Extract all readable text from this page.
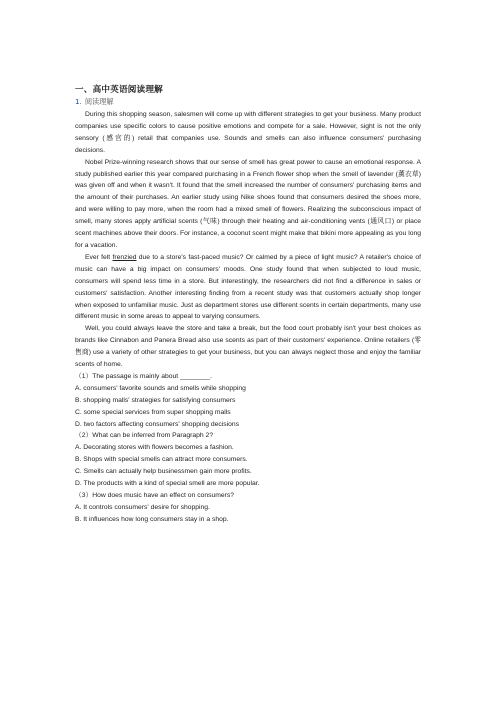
一、高中英语阅读理解
1. 阅读理解

During this shopping season, salesmen will come up with different strategies to get your business. Many product companies use specific colors to cause positive emotions and compete for a sale. However, sight is not the only sensory (感官的) retail that companies use. Sounds and smells can also influence consumers' purchasing decisions.

Nobel Prize-winning research shows that our sense of smell has great power to cause an emotional response. A study published earlier this year compared purchasing in a French flower shop when the smell of lavender (薰衣草) was given off and when it wasn't. It found that the smell increased the number of consumers' purchasing items and the amount of their purchases. An earlier study using Nike shoes found that consumers desired the shoes more, and were willing to pay more, when the room had a mixed smell of flowers. Realizing the subconscious impact of smell, many stores apply artificial scents (气味) through their heating and air-conditioning vents (通风口) or place scent machines above their doors. For instance, a coconut scent might make that bikini more appealing as you long for a vacation.

Ever felt frenzied due to a store's fast-paced music? Or calmed by a piece of light music? A retailer's choice of music can have a big impact on consumers' moods. One study found that when subjected to loud music, consumers will spend less time in a store. But interestingly, the researchers did not find a difference in sales or customers' satisfaction. Another interesting finding from a recent study was that customers actually shop longer when exposed to unfamiliar music. Just as department stores use different scents in certain departments, many use different music in some areas to appeal to varying consumers.

Well, you could always leave the store and take a break, but the food court probably isn't your best choices as brands like Cinnabon and Panera Bread also use scents as part of their customers' experience. Online retailers (零售商) use a variety of other strategies to get your business, but you can always neglect those and enjoy the familiar scents of home.

（1）The passage is mainly about ________.
A. consumers' favorite sounds and smells while shopping
B. shopping malls' strategies for satisfying consumers
C. some special services from super shopping malls
D. two factors affecting consumers' shopping decisions
（2）What can be inferred from Paragraph 2?
A. Decorating stores with flowers becomes a fashion.
B. Shops with special smells can attract more consumers.
C. Smells can actually help businessmen gain more profits.
D. The products with a kind of special smell are more popular.
（3）How does music have an effect on consumers?
A. It controls consumers' desire for shopping.
B. It influences how long consumers stay in a shop.
